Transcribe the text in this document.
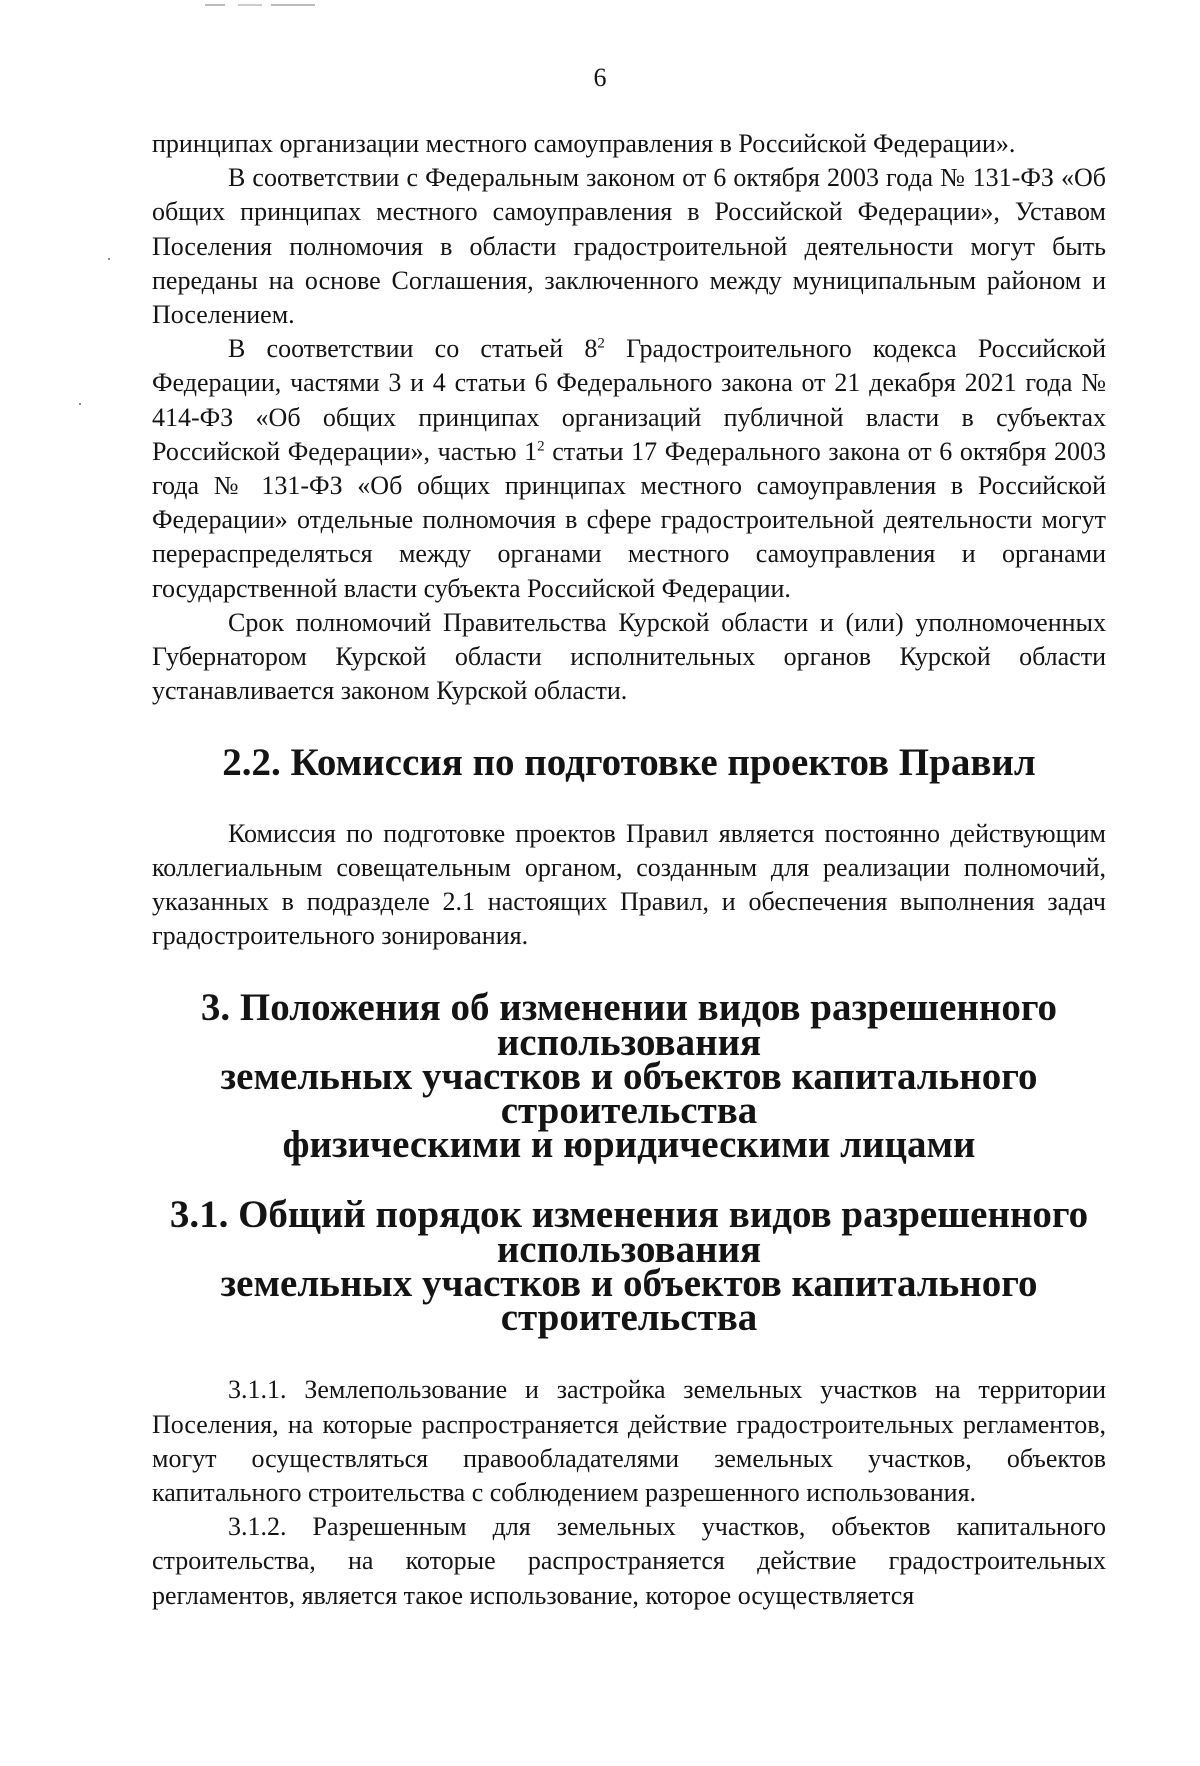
6

принципах организации местного самоуправления в Российской Федерации».

В соответствии с Федеральным законом от 6 октября 2003 года № 131-ФЗ «Об общих принципах местного самоуправления в Российской Федерации», Уставом Поселения полномочия в области градостроительной деятельности могут быть переданы на основе Соглашения, заключенного между муниципальным районом и Поселением.

В соответствии со статьей $8^2$ Градостроительного кодекса Российской Федерации, частями 3 и 4 статьи 6 Федерального закона от 21 декабря 2021 года № 414-ФЗ «Об общих принципах организаций публичной власти в субъектах Российской Федерации», частью $1^2$ статьи 17 Федерального закона от 6 октября 2003 года № 131-ФЗ «Об общих принципах местного самоуправления в Российской Федерации» отдельные полномочия в сфере градостроительной деятельности могут перераспределяться между органами местного самоуправления и органами государственной власти субъекта Российской Федерации.

Срок полномочий Правительства Курской области и (или) уполномоченных Губернатором Курской области исполнительных органов Курской области устанавливается законом Курской области.

2.2. Комиссия по подготовке проектов Правил

Комиссия по подготовке проектов Правил является постоянно действующим коллегиальным совещательным органом, созданным для реализации полномочий, указанных в подразделе 2.1 настоящих Правил, и обеспечения выполнения задач градостроительного зонирования.

3. Положения об изменении видов разрешенного использования
земельных участков и объектов капитального строительства
физическими и юридическими лицами
3.1. Общий порядок изменения видов разрешенного использования
земельных участков и объектов капитального строительства

3.1.1. Землепользование и застройка земельных участков на территории Поселения, на которые распространяется действие градостроительных регламентов, могут осуществляться правообладателями земельных участков, объектов капитального строительства с соблюдением разрешенного использования.

3.1.2. Разрешенным для земельных участков, объектов капитального строительства, на которые распространяется действие градостроительных регламентов, является такое использование, которое осуществляется
